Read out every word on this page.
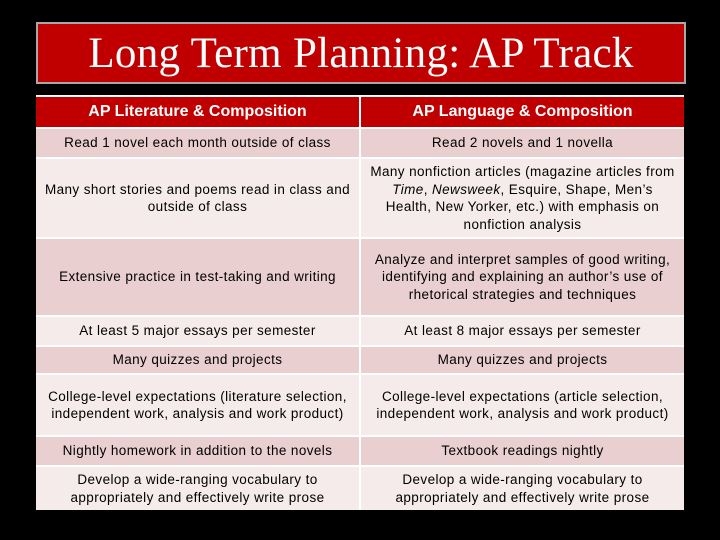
Long Term Planning: AP Track
AP Literature & Composition	AP Language & Composition
Read 1 novel each month outside of class	Read 2 novels and 1 novella
Many short stories and poems read in class and outside of class	Many nonfiction articles (magazine articles from Time, Newsweek, Esquire, Shape, Men’s Health, New Yorker, etc.) with emphasis on nonfiction analysis
Extensive practice in test-taking and writing	Analyze and interpret samples of good writing, identifying and explaining an author’s use of rhetorical strategies and techniques
At least 5 major essays per semester	At least 8 major essays per semester
Many quizzes and projects	Many quizzes and projects
College-level expectations (literature selection, independent work, analysis and work product)	College-level expectations (article selection, independent work, analysis and work product)
Nightly homework in addition to the novels	Textbook readings nightly
Develop a wide-ranging vocabulary to appropriately and effectively write prose	Develop a wide-ranging vocabulary to appropriately and effectively write prose
